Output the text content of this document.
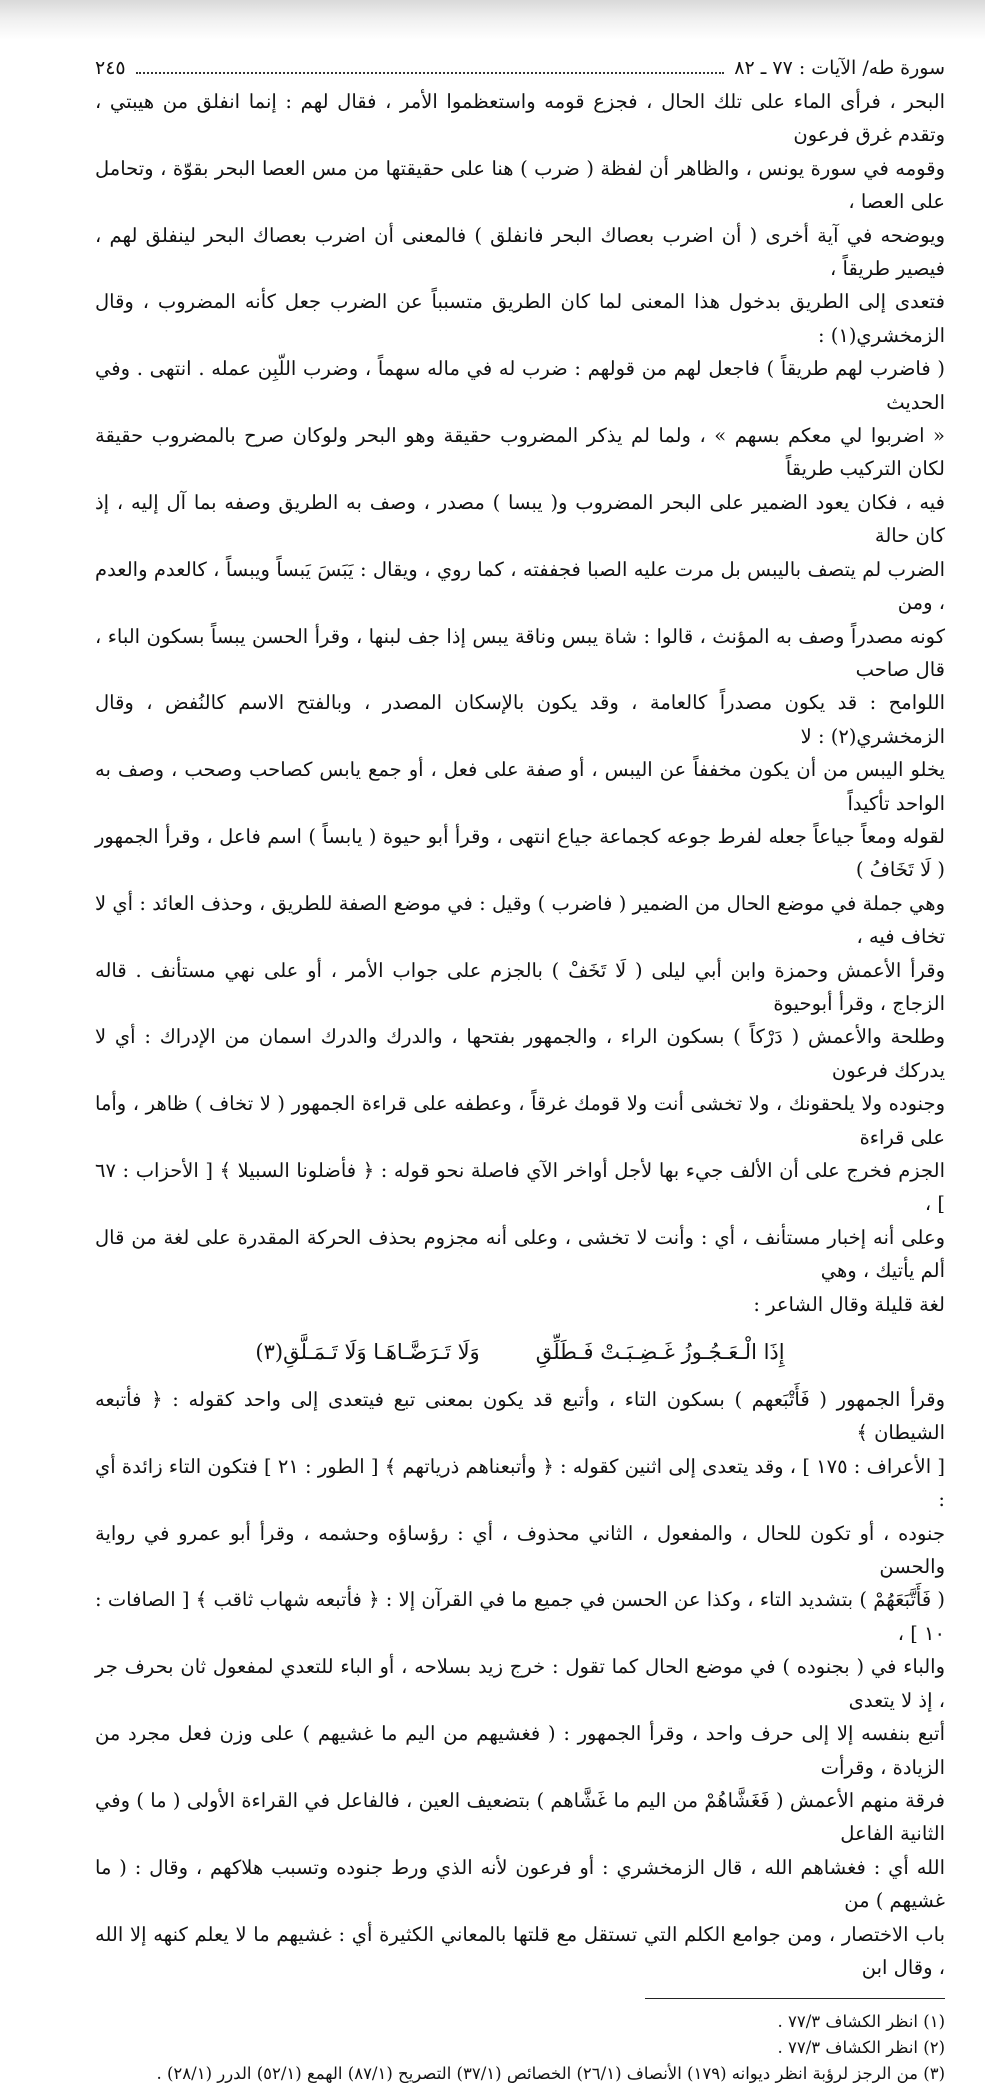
سورة طه/ الآيات : ٧٧ ـ ٨٢
٢٤٥

البحر ، فرأى الماء على تلك الحال ، فجزع قومه واستعظموا الأمر ، فقال لهم : إنما انفلق من هيبتي ، وتقدم غرق فرعون

وقومه في سورة يونس ، والظاهر أن لفظة ( ضرب ) هنا على حقيقتها من مس العصا البحر بقوّة ، وتحامل على العصا ،

ويوضحه في آية أخرى ( أن اضرب بعصاك البحر فانفلق ) فالمعنى أن اضرب بعصاك البحر لينفلق لهم ، فيصير طريقاً ،

فتعدى إلى الطريق بدخول هذا المعنى لما كان الطريق متسبباً عن الضرب جعل كأنه المضروب ، وقال الزمخشري(١) :

( فاضرب لهم طريقاً ) فاجعل لهم من قولهم : ضرب له في ماله سهماً ، وضرب اللّبِن عمله . انتهى . وفي الحديث

« اضربوا لي معكم بسهم » ، ولما لم يذكر المضروب حقيقة وهو البحر ولوكان صرح بالمضروب حقيقة لكان التركيب طريقاً

فيه ، فكان يعود الضمير على البحر المضروب و( يبسا ) مصدر ، وصف به الطريق وصفه بما آل إليه ، إذ كان حالة

الضرب لم يتصف باليبس بل مرت عليه الصبا فجففته ، كما روي ، ويقال : يَبَسَ يَبساً ويبساً ، كالعدم والعدم ، ومن

كونه مصدراً وصف به المؤنث ، قالوا : شاة يبس وناقة يبس إذا جف لبنها ، وقرأ الحسن يبساً بسكون الباء ، قال صاحب

اللوامح : قد يكون مصدراً كالعامة ، وقد يكون بالإسكان المصدر ، وبالفتح الاسم كالنُفض ، وقال الزمخشري(٢) : لا

يخلو اليبس من أن يكون مخففاً عن اليبس ، أو صفة على فعل ، أو جمع يابس كصاحب وصحب ، وصف به الواحد تأكيداً

لقوله ومعاً جياعاً جعله لفرط جوعه كجماعة جياع انتهى ، وقرأ أبو حيوة ( يابساً ) اسم فاعل ، وقرأ الجمهور ( لَا تَخَافُ )

وهي جملة في موضع الحال من الضمير ( فاضرب ) وقيل : في موضع الصفة للطريق ، وحذف العائد : أي لا تخاف فيه ،

وقرأ الأعمش وحمزة وابن أبي ليلى ( لَا تَخَفْ ) بالجزم على جواب الأمر ، أو على نهي مستأنف . قاله الزجاج ، وقرأ أبوحيوة

وطلحة والأعمش ( دَرْكاً ) بسكون الراء ، والجمهور بفتحها ، والدرك والدرك اسمان من الإدراك : أي لا يدركك فرعون

وجنوده ولا يلحقونك ، ولا تخشى أنت ولا قومك غرقاً ، وعطفه على قراءة الجمهور ( لا تخاف ) ظاهر ، وأما على قراءة

الجزم فخرج على أن الألف جيء بها لأجل أواخر الآي فاصلة نحو قوله : ﴿ فأضلونا السبيلا ﴾ [ الأحزاب : ٦٧ ] ،

وعلى أنه إخبار مستأنف ، أي : وأنت لا تخشى ، وعلى أنه مجزوم بحذف الحركة المقدرة على لغة من قال ألم يأتيك ، وهي

لغة قليلة وقال الشاعر :

إِذَا الْـعَـجُـوزُ غَـضِـبَـتْ فَـطَلِّقِ
وَلَا تَـرَضَّـاهَـا وَلَا تَـمَـلَّقِ(٣)

وقرأ الجمهور ( فَأَتْبَعهم ) بسكون التاء ، وأتبع قد يكون بمعنى تبع فيتعدى إلى واحد كقوله : ﴿ فأتبعه الشيطان ﴾

[ الأعراف : ١٧٥ ] ، وقد يتعدى إلى اثنين كقوله : ﴿ وأتبعناهم ذرياتهم ﴾ [ الطور : ٢١ ] فتكون التاء زائدة أي :

جنوده ، أو تكون للحال ، والمفعول ، الثاني محذوف ، أي : رؤساؤه وحشمه ، وقرأ أبو عمرو في رواية والحسن

( فَأَتَّبَعَهُمْ ) بتشديد التاء ، وكذا عن الحسن في جميع ما في القرآن إلا : ﴿ فأتبعه شهاب ثاقب ﴾ [ الصافات : ١٠ ] ،

والباء في ( بجنوده ) في موضع الحال كما تقول : خرج زيد بسلاحه ، أو الباء للتعدي لمفعول ثان بحرف جر ، إذ لا يتعدى

أتبع بنفسه إلا إلى حرف واحد ، وقرأ الجمهور : ( فغشيهم من اليم ما غشيهم ) على وزن فعل مجرد من الزيادة ، وقرأت

فرقة منهم الأعمش ( فَغَشَّاهُمْ من اليم ما غَشَّاهم ) بتضعيف العين ، فالفاعل في القراءة الأولى ( ما ) وفي الثانية الفاعل

الله أي : فغشاهم الله ، قال الزمخشري : أو فرعون لأنه الذي ورط جنوده وتسبب هلاكهم ، وقال : ( ما غشيهم ) من

باب الاختصار ، ومن جوامع الكلم التي تستقل مع قلتها بالمعاني الكثيرة أي : غشيهم ما لا يعلم كنهه إلا الله ، وقال ابن

(١) انظر الكشاف ٧٧/٣ .
(٢) انظر الكشاف ٧٧/٣ .
(٣) من الرجز لرؤبة انظر ديوانه (١٧٩) الأنصاف (٢٦/١) الخصائص (٣٧/١) التصريح (٨٧/١) الهمع (٥٢/١) الدرر (٢٨/١) .
